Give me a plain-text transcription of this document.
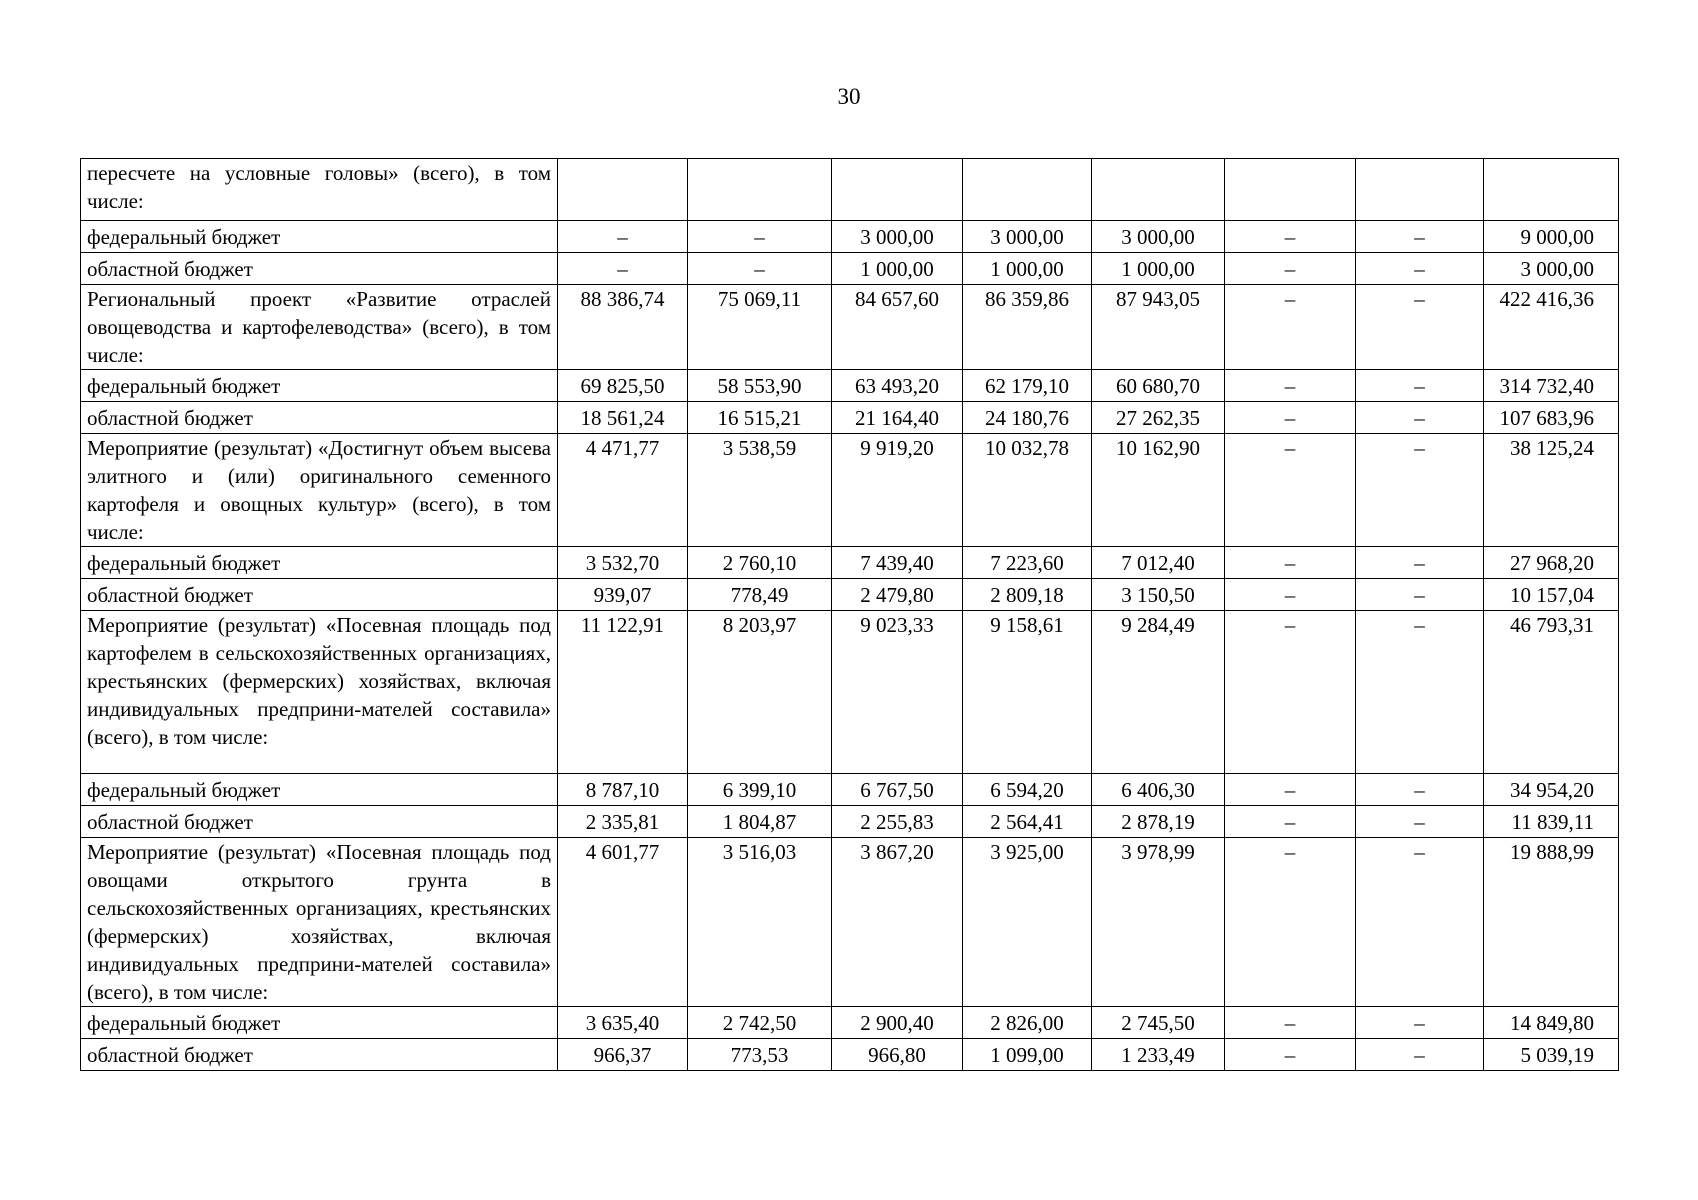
30
пересчете на условные головы» (всего), в том числе:								
федеральный бюджет	–	–	3 000,00	3 000,00	3 000,00	–	–	9 000,00
областной бюджет	–	–	1 000,00	1 000,00	1 000,00	–	–	3 000,00
Региональный проект «Развитие отраслей овощеводства и картофелеводства» (всего), в том числе:	88 386,74	75 069,11	84 657,60	86 359,86	87 943,05	–	–	422 416,36
федеральный бюджет	69 825,50	58 553,90	63 493,20	62 179,10	60 680,70	–	–	314 732,40
областной бюджет	18 561,24	16 515,21	21 164,40	24 180,76	27 262,35	–	–	107 683,96
Мероприятие (результат) «Достигнут объем высева элитного и (или) оригинального семенного картофеля и овощных культур» (всего), в том числе:	4 471,77	3 538,59	9 919,20	10 032,78	10 162,90	–	–	38 125,24
федеральный бюджет	3 532,70	2 760,10	7 439,40	7 223,60	7 012,40	–	–	27 968,20
областной бюджет	939,07	778,49	2 479,80	2 809,18	3 150,50	–	–	10 157,04
Мероприятие (результат) «Посевная площадь под картофелем в сельскохозяйственных организациях, крестьянских (фермерских) хозяйствах, включая индивидуальных предприни-мателей составила» (всего), в том числе:	11 122,91	8 203,97	9 023,33	9 158,61	9 284,49	–	–	46 793,31
федеральный бюджет	8 787,10	6 399,10	6 767,50	6 594,20	6 406,30	–	–	34 954,20
областной бюджет	2 335,81	1 804,87	2 255,83	2 564,41	2 878,19	–	–	11 839,11
Мероприятие (результат) «Посевная площадь под овощами открытого грунта в сельскохозяйственных организациях, крестьянских (фермерских) хозяйствах, включая индивидуальных предприни-мателей составила» (всего), в том числе:	4 601,77	3 516,03	3 867,20	3 925,00	3 978,99	–	–	19 888,99
федеральный бюджет	3 635,40	2 742,50	2 900,40	2 826,00	2 745,50	–	–	14 849,80
областной бюджет	966,37	773,53	966,80	1 099,00	1 233,49	–	–	5 039,19
